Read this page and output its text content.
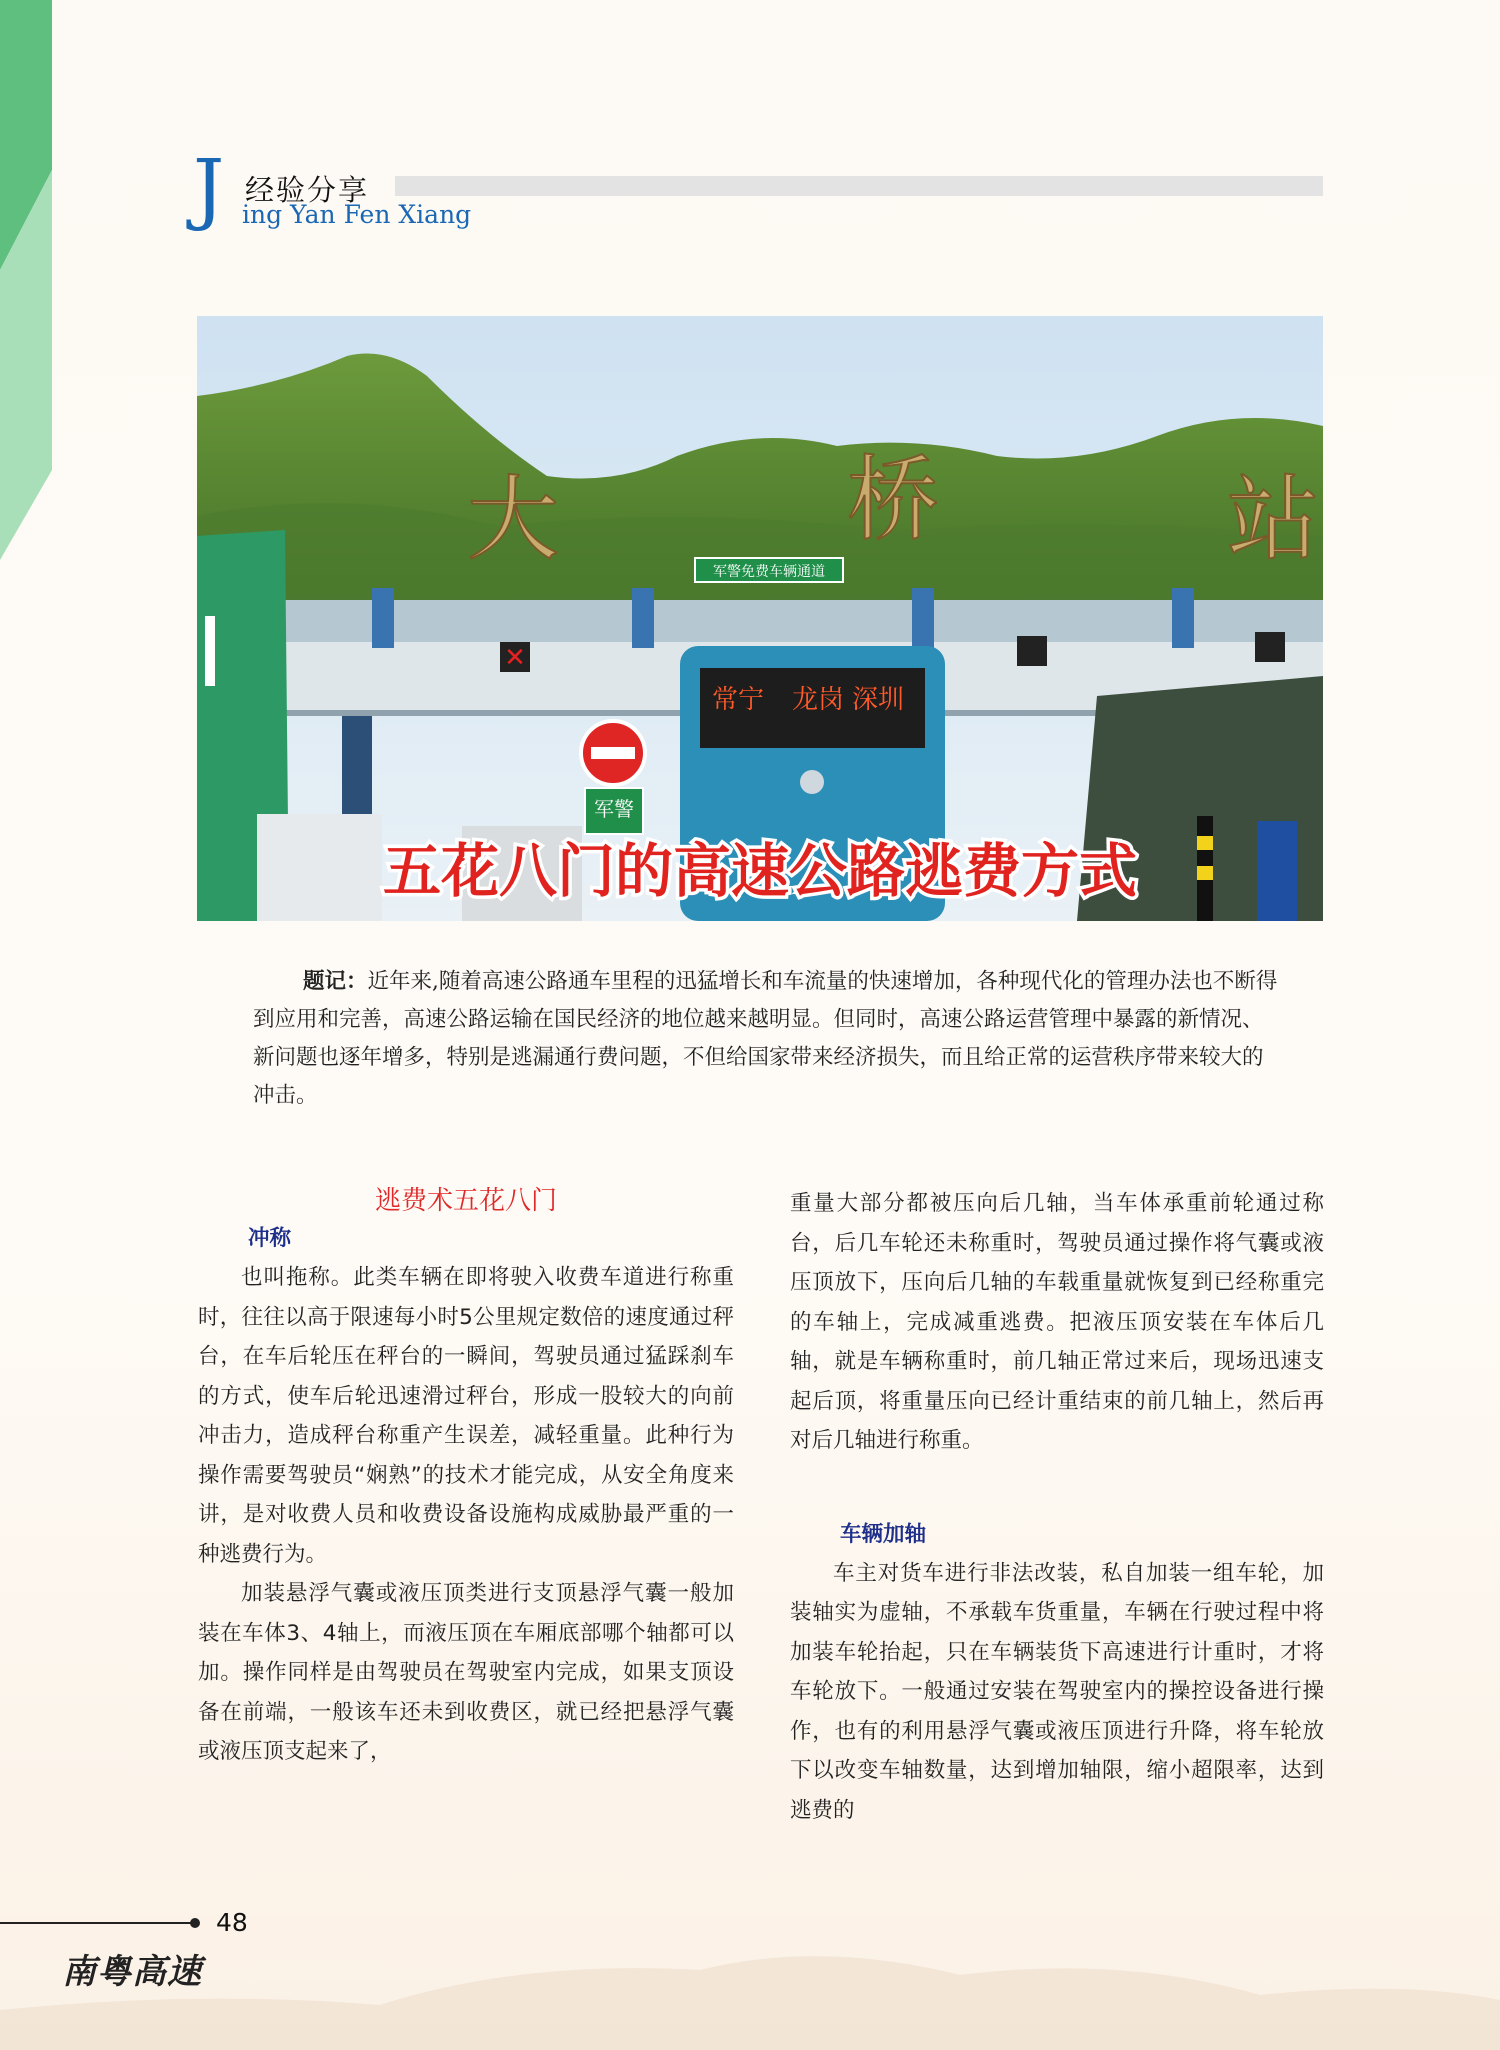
J 经验分享
ing Yan Fen Xiang
大	桥	站
军警免费车辆通道
✕
军警
常宁 龙岗 深圳
五花八门的高速公路逃费方式
题记：近年来,随着高速公路通车里程的迅猛增长和车流量的快速增加，各种现代化的管理办法也不断得到应用和完善，高速公路运输在国民经济的地位越来越明显。但同时，高速公路运营管理中暴露的新情况、新问题也逐年增多，特别是逃漏通行费问题，不但给国家带来经济损失，而且给正常的运营秩序带来较大的冲击。

逃费术五花八门

冲称

也叫拖称。此类车辆在即将驶入收费车道进行称重时，往往以高于限速每小时5公里规定数倍的速度通过秤台，在车后轮压在秤台的一瞬间，驾驶员通过猛踩刹车的方式，使车后轮迅速滑过秤台，形成一股较大的向前冲击力，造成秤台称重产生误差，减轻重量。此种行为操作需要驾驶员“娴熟”的技术才能完成，从安全角度来讲，是对收费人员和收费设备设施构成威胁最严重的一种逃费行为。

加装悬浮气囊或液压顶类进行支顶悬浮气囊一般加装在车体3、4轴上，而液压顶在车厢底部哪个轴都可以加。操作同样是由驾驶员在驾驶室内完成，如果支顶设备在前端，一般该车还未到收费区，就已经把悬浮气囊或液压顶支起来了，

重量大部分都被压向后几轴，当车体承重前轮通过称台，后几车轮还未称重时，驾驶员通过操作将气囊或液压顶放下，压向后几轴的车载重量就恢复到已经称重完的车轴上，完成减重逃费。把液压顶安装在车体后几轴，就是车辆称重时，前几轴正常过来后，现场迅速支起后顶，将重量压向已经计重结束的前几轴上，然后再对后几轴进行称重。

车辆加轴

车主对货车进行非法改装，私自加装一组车轮，加装轴实为虚轴，不承载车货重量，车辆在行驶过程中将加装车轮抬起，只在车辆装货下高速进行计重时，才将车轮放下。一般通过安装在驾驶室内的操控设备进行操作，也有的利用悬浮气囊或液压顶进行升降，将车轮放下以改变车轴数量，达到增加轴限，缩小超限率，达到逃费的

48
南粤高速
